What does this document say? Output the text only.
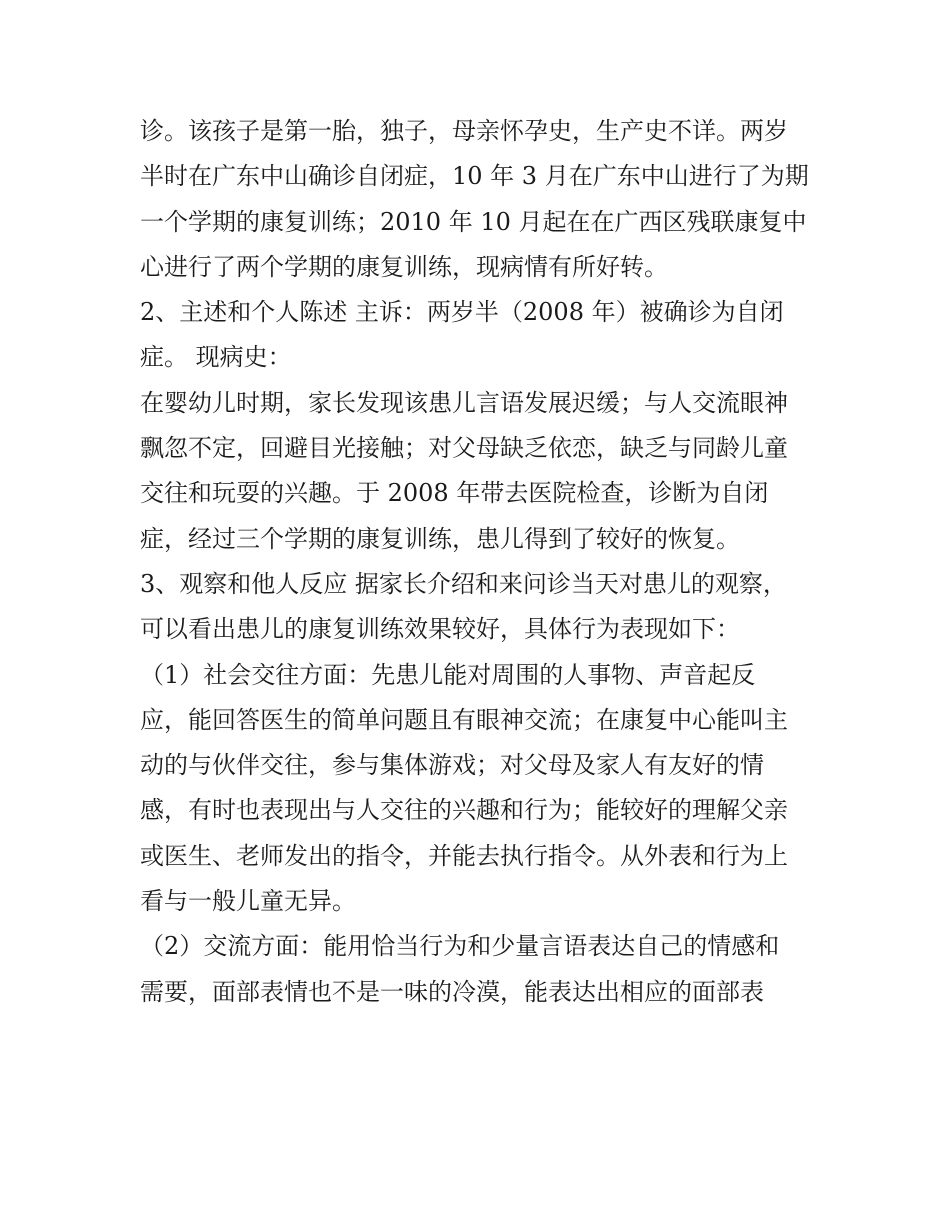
诊。该孩子是第一胎，独子，母亲怀孕史，生产史不详。两岁
半时在广东中山确诊自闭症，10 年 3 月在广东中山进行了为期
一个学期的康复训练；2010 年 10 月起在在广西区残联康复中
心进行了两个学期的康复训练，现病情有所好转。
2、主述和个人陈述 主诉：两岁半（2008 年）被确诊为自闭
症。 现病史：
在婴幼儿时期，家长发现该患儿言语发展迟缓；与人交流眼神
飘忽不定，回避目光接触；对父母缺乏依恋，缺乏与同龄儿童
交往和玩耍的兴趣。于 2008 年带去医院检查，诊断为自闭
症，经过三个学期的康复训练，患儿得到了较好的恢复。
3、观察和他人反应 据家长介绍和来问诊当天对患儿的观察，
可以看出患儿的康复训练效果较好，具体行为表现如下：
（1）社会交往方面：先患儿能对周围的人事物、声音起反
应，能回答医生的简单问题且有眼神交流；在康复中心能叫主
动的与伙伴交往，参与集体游戏；对父母及家人有友好的情
感，有时也表现出与人交往的兴趣和行为；能较好的理解父亲
或医生、老师发出的指令，并能去执行指令。从外表和行为上
看与一般儿童无异。
（2）交流方面：能用恰当行为和少量言语表达自己的情感和
需要，面部表情也不是一味的冷漠，能表达出相应的面部表
